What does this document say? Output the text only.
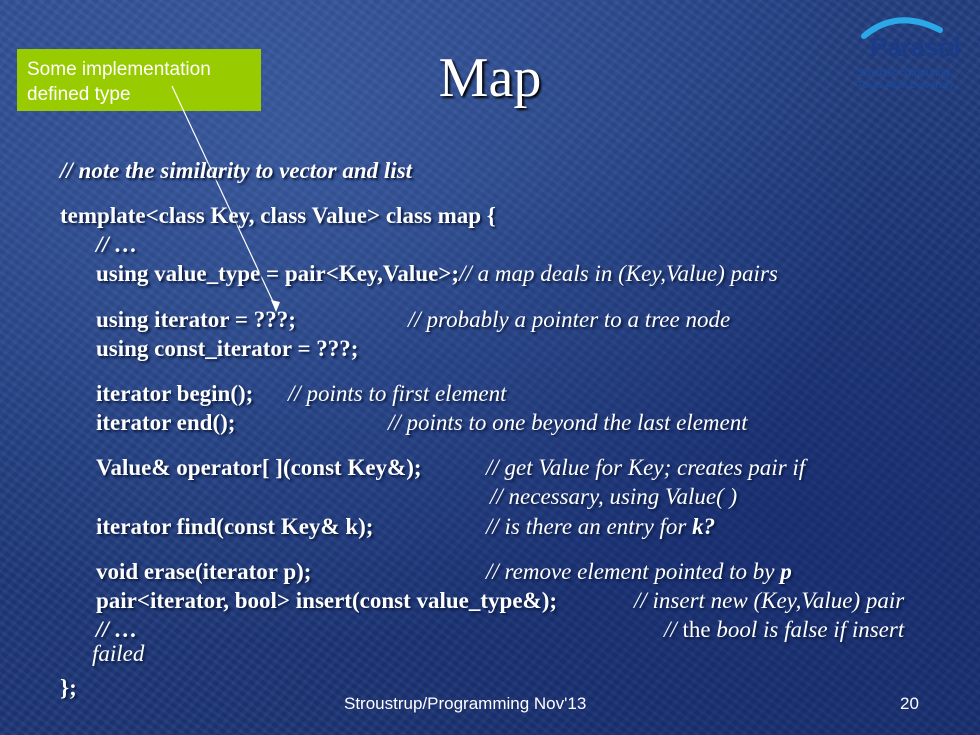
Some implementation
defined type	Map	Parasol
Smarter computing.
Texas A&M University
// note the similarity to vector and list
template<class Key, class Value> class map {
// …
using value_type = pair<Key,Value>;// a map deals in (Key,Value) pairs
using iterator = ???;	// probably a pointer to a tree node
using const_iterator = ???;
iterator begin(); // points to first element
iterator end();	// points to one beyond the last element
Value& operator[ ](const Key&);	// get Value for Key; creates pair if
// necessary, using Value( )
iterator find(const Key& k);	// is there an entry for k?
void erase(iterator p);	// remove element pointed to by p
pair<iterator, bool> insert(const value_type&);	// insert new (Key,Value) pair
// …	// the bool is false if insert
failed
};
Stroustrup/Programming Nov'13	20
